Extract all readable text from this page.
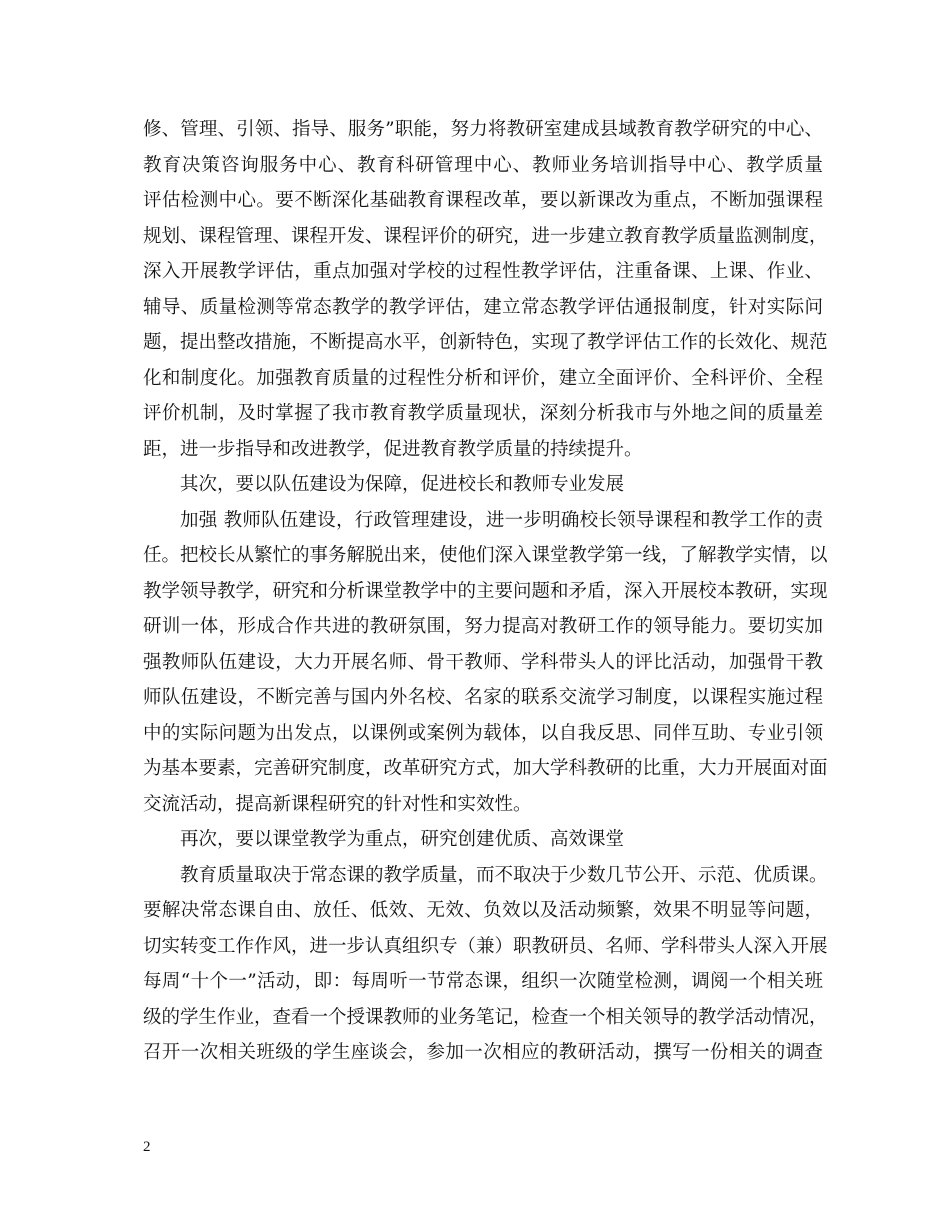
修、管理、引领、指导、服务”职能，努力将教研室建成县域教育教学研究的中心、
教育决策咨询服务中心、教育科研管理中心、教师业务培训指导中心、教学质量
评估检测中心。要不断深化基础教育课程改革，要以新课改为重点，不断加强课程
规划、课程管理、课程开发、课程评价的研究，进一步建立教育教学质量监测制度，
深入开展教学评估，重点加强对学校的过程性教学评估，注重备课、上课、作业、
辅导、质量检测等常态教学的教学评估，建立常态教学评估通报制度，针对实际问
题，提出整改措施，不断提高水平，创新特色，实现了教学评估工作的长效化、规范
化和制度化。加强教育质量的过程性分析和评价，建立全面评价、全科评价、全程
评价机制，及时掌握了我市教育教学质量现状，深刻分析我市与外地之间的质量差
距，进一步指导和改进教学，促进教育教学质量的持续提升。
其次，要以队伍建设为保障，促进校长和教师专业发展
加强 教师队伍建设，行政管理建设，进一步明确校长领导课程和教学工作的责
任。把校长从繁忙的事务解脱出来，使他们深入课堂教学第一线，了解教学实情，以
教学领导教学，研究和分析课堂教学中的主要问题和矛盾，深入开展校本教研，实现
研训一体，形成合作共进的教研氛围，努力提高对教研工作的领导能力。要切实加
强教师队伍建设，大力开展名师、骨干教师、学科带头人的评比活动，加强骨干教
师队伍建设，不断完善与国内外名校、名家的联系交流学习制度，以课程实施过程
中的实际问题为出发点，以课例或案例为载体，以自我反思、同伴互助、专业引领
为基本要素，完善研究制度，改革研究方式，加大学科教研的比重，大力开展面对面
交流活动，提高新课程研究的针对性和实效性。
再次，要以课堂教学为重点，研究创建优质、高效课堂
教育质量取决于常态课的教学质量，而不取决于少数几节公开、示范、优质课。
要解决常态课自由、放任、低效、无效、负效以及活动频繁，效果不明显等问题，
切实转变工作作风，进一步认真组织专（兼）职教研员、名师、学科带头人深入开展
每周“十个一”活动，即：每周听一节常态课，组织一次随堂检测，调阅一个相关班
级的学生作业，查看一个授课教师的业务笔记，检查一个相关领导的教学活动情况，
召开一次相关班级的学生座谈会，参加一次相应的教研活动，撰写一份相关的调查
2
